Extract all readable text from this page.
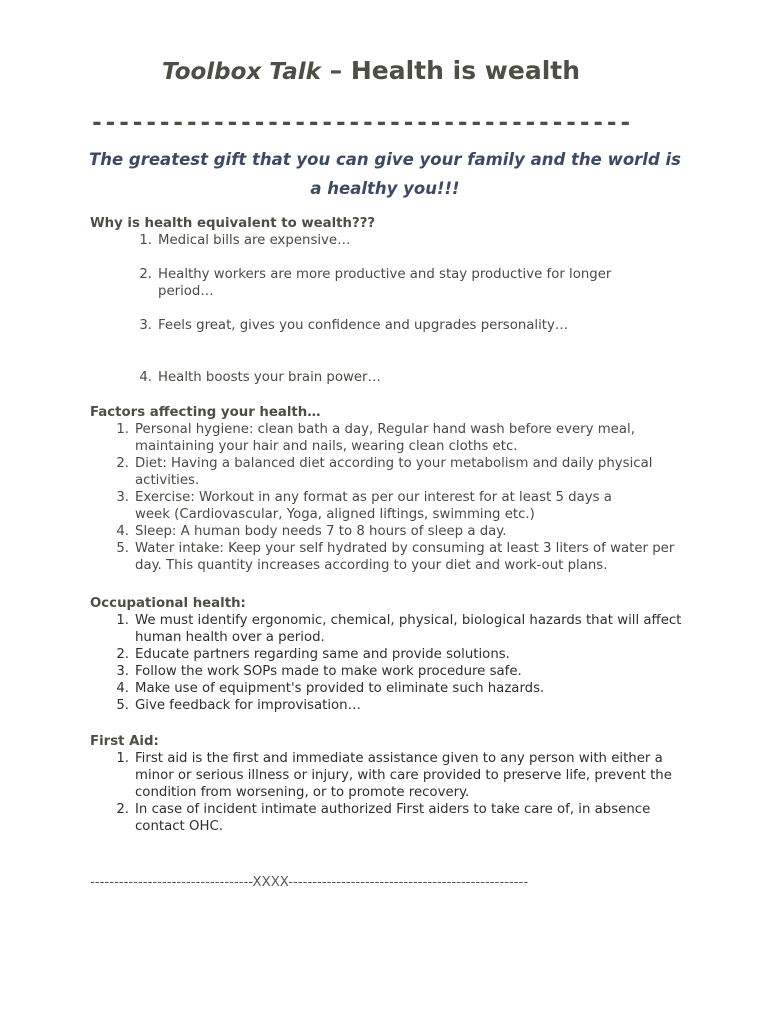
Toolbox Talk – Health is wealth
----------------------------------------
The greatest gift that you can give your family and the world is a healthy you!!!
Why is health equivalent to wealth???
1. Medical bills are expensive…
2. Healthy workers are more productive and stay productive for longer period…
3. Feels great, gives you confidence and upgrades personality…
4. Health boosts your brain power…
Factors affecting your health…
1. Personal hygiene: clean bath a day, Regular hand wash before every meal, maintaining your hair and nails, wearing clean cloths etc.
2. Diet: Having a balanced diet according to your metabolism and daily physical activities.
3. Exercise: Workout in any format as per our interest for at least 5 days a week (Cardiovascular, Yoga, aligned liftings, swimming etc.)
4. Sleep: A human body needs 7 to 8 hours of sleep a day.
5. Water intake: Keep your self hydrated by consuming at least 3 liters of water per day. This quantity increases according to your diet and work-out plans.
Occupational health:
1. We must identify ergonomic, chemical, physical, biological hazards that will affect human health over a period.
2. Educate partners regarding same and provide solutions.
3. Follow the work SOPs made to make work procedure safe.
4. Make use of equipment's provided to eliminate such hazards.
5. Give feedback for improvisation…
First Aid:
1. First aid is the first and immediate assistance given to any person with either a minor or serious illness or injury, with care provided to preserve life, prevent the condition from worsening, or to promote recovery.
2. In case of incident intimate authorized First aiders to take care of, in absence contact OHC.
----------------------------------XXXX--------------------------------------------------
